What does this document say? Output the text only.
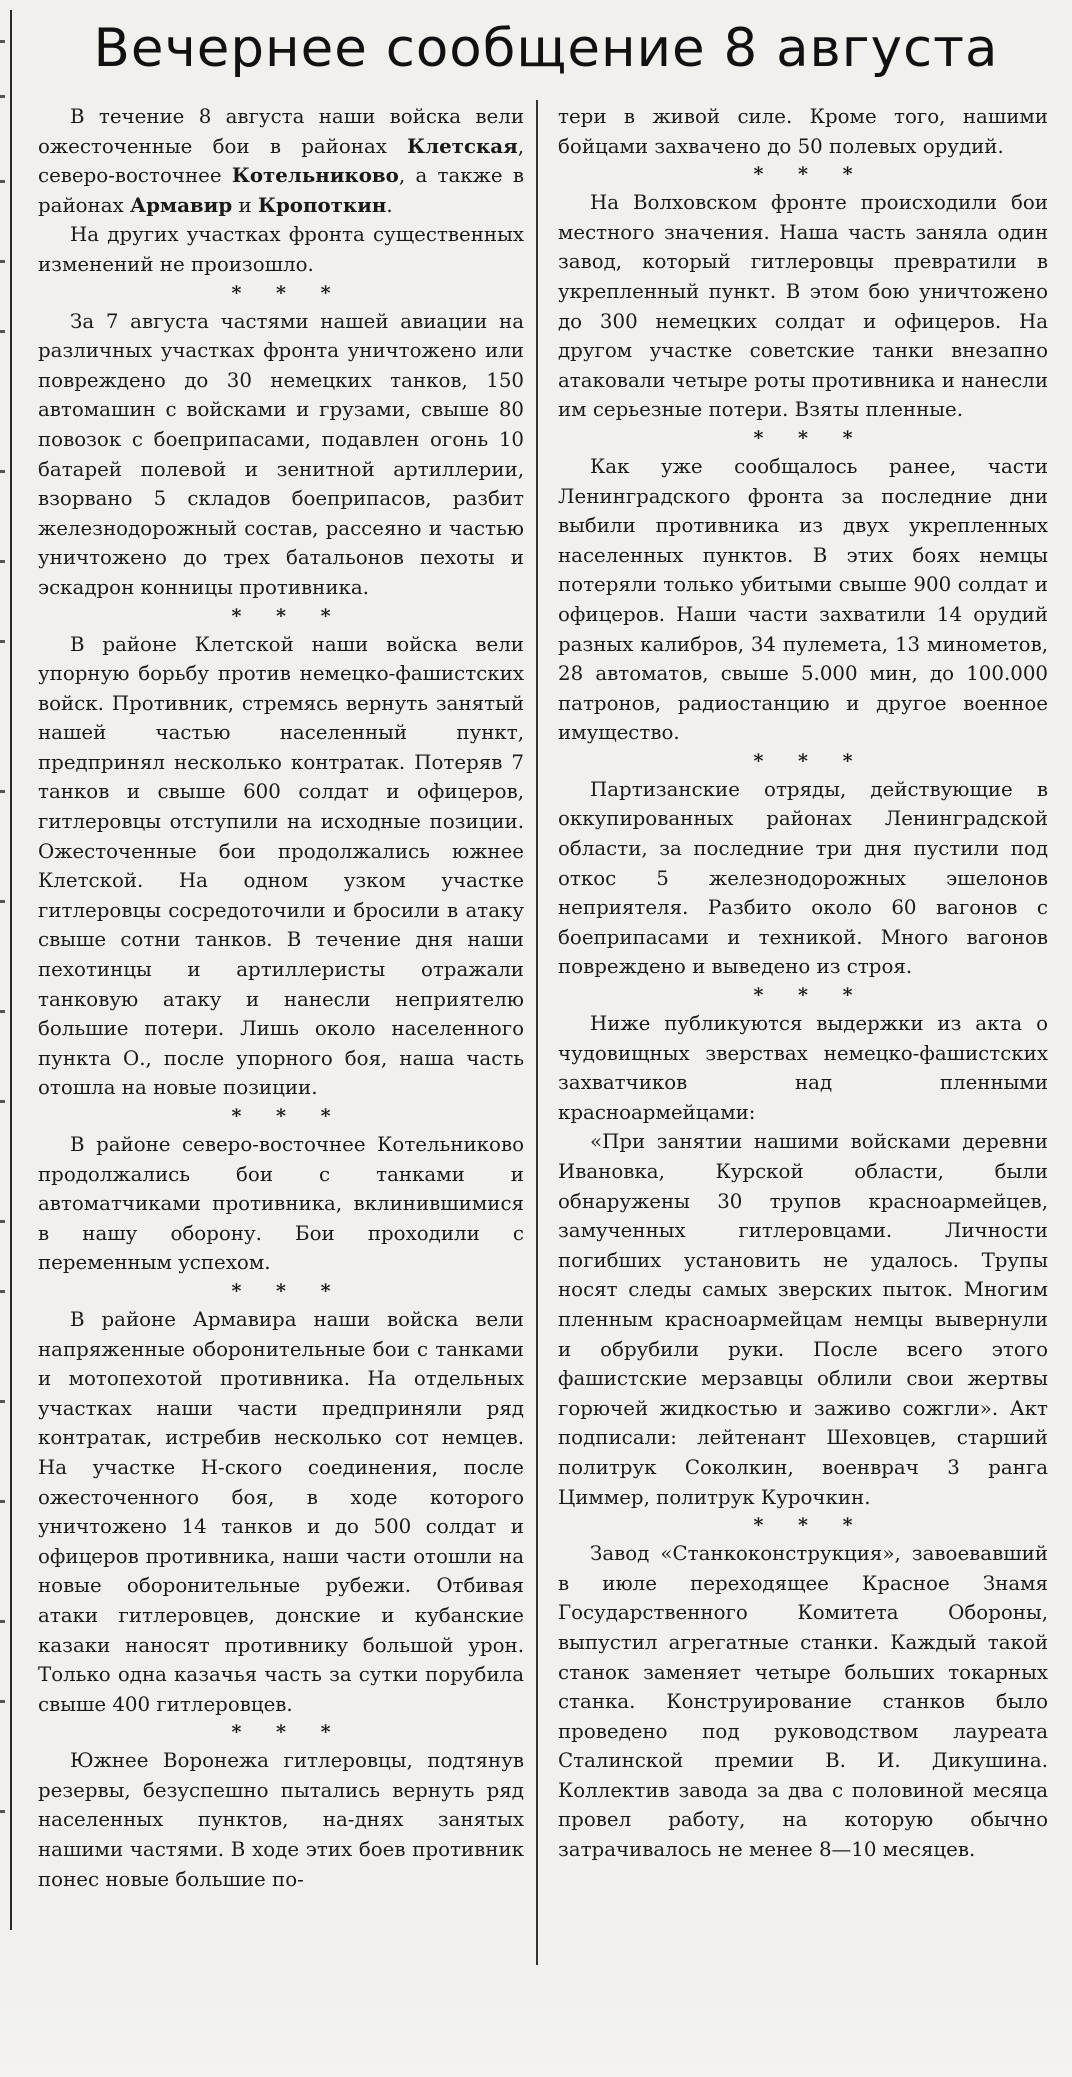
Вечернее сообщение 8 августа

В течение 8 августа наши войска вели ожесточенные бои в районах Клетская, северо-восточнее Котельниково, а также в районах Армавир и Кропоткин.

На других участках фронта существенных изменений не произошло.

* * *

За 7 августа частями нашей авиации на различных участках фронта уничтожено или повреждено до 30 немецких танков, 150 автомашин с войсками и грузами, свыше 80 повозок с боеприпасами, подавлен огонь 10 батарей полевой и зенитной артиллерии, взорвано 5 складов боеприпасов, разбит железнодорожный состав, рассеяно и частью уничтожено до трех батальонов пехоты и эскадрон конницы противника.

* * *

В районе Клетской наши войска вели упорную борьбу против немецко-фашистских войск. Противник, стремясь вернуть занятый нашей частью населенный пункт, предпринял несколько контратак. Потеряв 7 танков и свыше 600 солдат и офицеров, гитлеровцы отступили на исходные позиции. Ожесточенные бои продолжались южнее Клетской. На одном узком участке гитлеровцы сосредоточили и бросили в атаку свыше сотни танков. В течение дня наши пехотинцы и артиллеристы отражали танковую атаку и нанесли неприятелю большие потери. Лишь около населенного пункта О., после упорного боя, наша часть отошла на новые позиции.

* * *

В районе северо-восточнее Котельниково продолжались бои с танками и автоматчиками противника, вклинившимися в нашу оборону. Бои проходили с переменным успехом.

* * *

В районе Армавира наши войска вели напряженные оборонительные бои с танками и мотопехотой противника. На отдельных участках наши части предприняли ряд контратак, истребив несколько сот немцев. На участке Н-ского соединения, после ожесточенного боя, в ходе которого уничтожено 14 танков и до 500 солдат и офицеров противника, наши части отошли на новые оборонительные рубежи. Отбивая атаки гитлеровцев, донские и кубанские казаки наносят противнику большой урон. Только одна казачья часть за сутки порубила свыше 400 гитлеровцев.

* * *

Южнее Воронежа гитлеровцы, подтянув резервы, безуспешно пытались вернуть ряд населенных пунктов, на-днях занятых нашими частями. В ходе этих боев противник понес новые большие по-

тери в живой силе. Кроме того, нашими бойцами захвачено до 50 полевых орудий.

* * *

На Волховском фронте происходили бои местного значения. Наша часть заняла один завод, который гитлеровцы превратили в укрепленный пункт. В этом бою уничтожено до 300 немецких солдат и офицеров. На другом участке советские танки внезапно атаковали четыре роты противника и нанесли им серьезные потери. Взяты пленные.

* * *

Как уже сообщалось ранее, части Ленинградского фронта за последние дни выбили противника из двух укрепленных населенных пунктов. В этих боях немцы потеряли только убитыми свыше 900 солдат и офицеров. Наши части захватили 14 орудий разных калибров, 34 пулемета, 13 минометов, 28 автоматов, свыше 5.000 мин, до 100.000 патронов, радиостанцию и другое военное имущество.

* * *

Партизанские отряды, действующие в оккупированных районах Ленинградской области, за последние три дня пустили под откос 5 железнодорожных эшелонов неприятеля. Разбито около 60 вагонов с боеприпасами и техникой. Много вагонов повреждено и выведено из строя.

* * *

Ниже публикуются выдержки из акта о чудовищных зверствах немецко-фашистских захватчиков над пленными красноармейцами:

«При занятии нашими войсками деревни Ивановка, Курской области, были обнаружены 30 трупов красноармейцев, замученных гитлеровцами. Личности погибших установить не удалось. Трупы носят следы самых зверских пыток. Многим пленным красноармейцам немцы вывернули и обрубили руки. После всего этого фашистские мерзавцы облили свои жертвы горючей жидкостью и заживо сожгли». Акт подписали: лейтенант Шеховцев, старший политрук Соколкин, военврач 3 ранга Циммер, политрук Курочкин.

* * *

Завод «Станкоконструкция», завоевавший в июле переходящее Красное Знамя Государственного Комитета Обороны, выпустил агрегатные станки. Каждый такой станок заменяет четыре больших токарных станка. Конструирование станков было проведено под руководством лауреата Сталинской премии В. И. Дикушина. Коллектив завода за два с половиной месяца провел работу, на которую обычно затрачивалось не менее 8—10 месяцев.
